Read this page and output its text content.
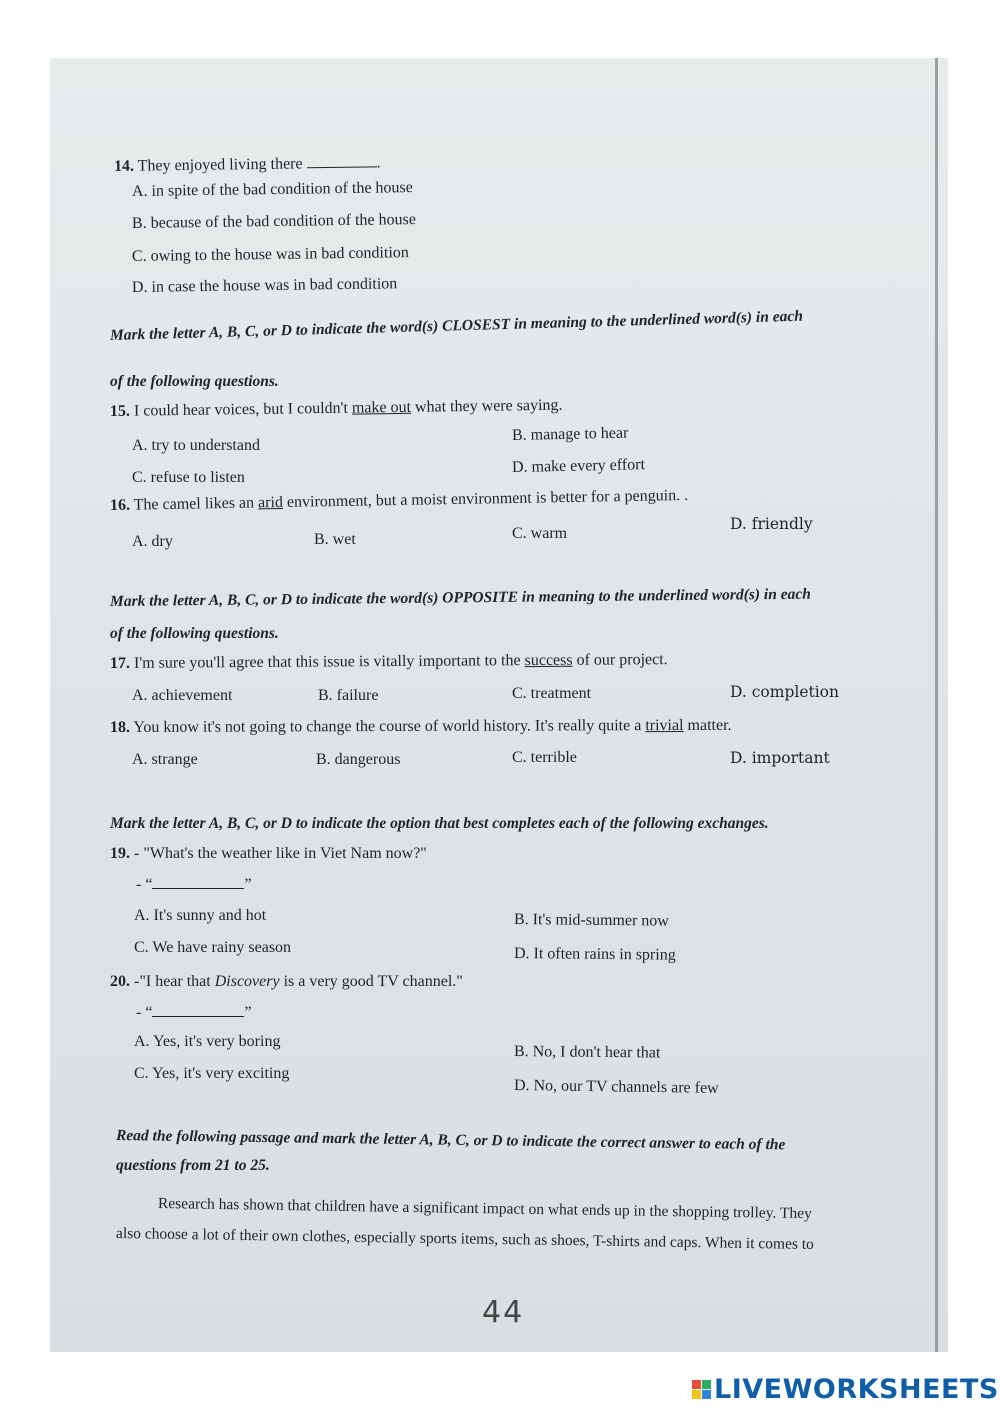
14. They enjoyed living there	.
A. in spite of the bad condition of the house
B. because of the bad condition of the house
C. owing to the house was in bad condition
D. in case the house was in bad condition
Mark the letter A, B, C, or D to indicate the word(s) CLOSEST in meaning to the underlined word(s) in each
of the following questions.
15. I could hear voices, but I couldn't make out what they were saying.
A. try to understand
B. manage to hear
C. refuse to listen
D. make every effort
16. The camel likes an arid environment, but a moist environment is better for a penguin. .
A. dry	B. wet	C. warm
D. friendly
Mark the letter A, B, C, or D to indicate the word(s) OPPOSITE in meaning to the underlined word(s) in each
of the following questions.
17. I'm sure you'll agree that this issue is vitally important to the success of our project.
A. achievement	B. failure	C. treatment	D. completion
18. You know it's not going to change the course of world history. It's really quite a trivial matter.
A. strange	B. dangerous	C. terrible	D. important
Mark the letter A, B, C, or D to indicate the option that best completes each of the following exchanges.
19. - "What's the weather like in Viet Nam now?"
- “	”
A. It's sunny and hot	B. It's mid-summer now
C. We have rainy season	D. It often rains in spring
20. -"I hear that Discovery is a very good TV channel."
- “	”
A. Yes, it's very boring
B. No, I don't hear that
C. Yes, it's very exciting
D. No, our TV channels are few
Read the following passage and mark the letter A, B, C, or D to indicate the correct answer to each of the
questions from 21 to 25.
Research has shown that children have a significant impact on what ends up in the shopping trolley. They
also choose a lot of their own clothes, especially sports items, such as shoes, T-shirts and caps. When it comes to
44
LIVEWORKSHEETS
